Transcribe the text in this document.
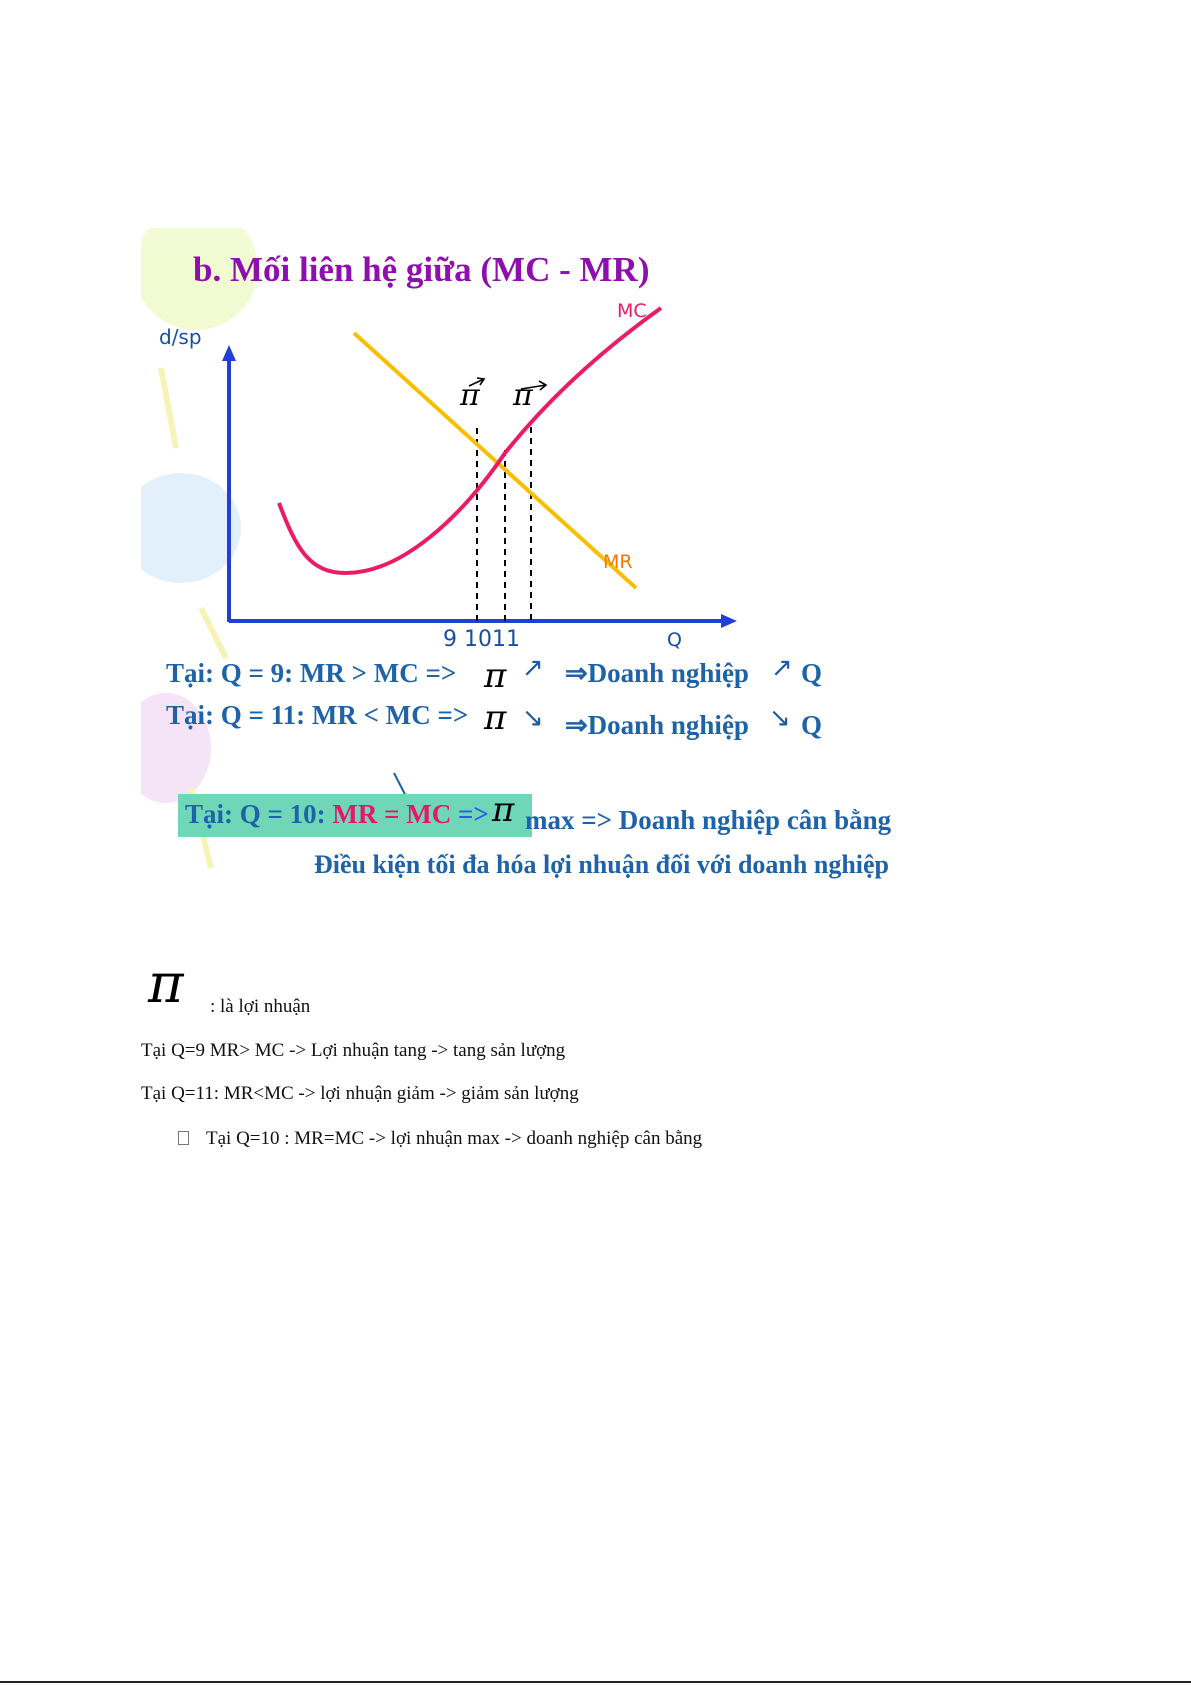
b. Mối liên hệ giữa (MC - MR)
d/sp
Q
9 1011
MC
MR
π π
Tại: Q = 9: MR > MC => π ↗ ⇒Doanh nghiệp ↗ Q
Tại: Q = 11: MR < MC => π ↘ ⇒Doanh nghiệp ↘ Q
Tại: Q = 10: MR = MC => π max => Doanh nghiệp cân bằng
Điều kiện tối đa hóa lợi nhuận đối với doanh nghiệp
π : là lợi nhuận
Tại Q=9 MR> MC -> Lợi nhuận tang -> tang sản lượng
Tại Q=11: MR<MC -> lợi nhuận giảm -> giảm sản lượng
Tại Q=10 : MR=MC -> lợi nhuận max -> doanh nghiệp cân bằng
